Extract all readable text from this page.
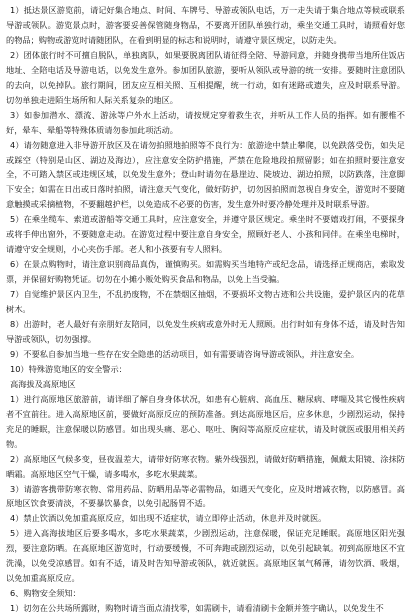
1）抵达景区游览前，请记好集合地点、时间、车牌号、导游或领队电话，万一走失请于集合地点等候或联系导游或领队。游览景点时，游客要妥善保管随身物品，不要离开团队单独行动，乘坐交通工具时，请照看好您的物品；购物或游览时请随团队，在看到明显的标志和说明时，请遵守景区规定，以防走失。

2）团体旅行时不可擅自脱队，单独离队，如果要脱离团队请征得全陪、导游同意，并随身携带当地所住饭店地址、全陪电话及导游电话，以免发生意外。参加团队旅游，要听从领队或导游的统一安排。要随时注意团队的去向，以免掉队。旅行期间，团友应互相关照、互相提醒，统一行动，如有迷路或遗失，应及时联系导游。切勿单独走进陌生场所和人际关系复杂的地区。

3）如参加潜水、漂流、游泳等户外水上活动，请按规定穿着救生衣，并听从工作人员的指挥。如有腰椎不好，晕车、晕船等特殊体质请勿参加此项活动。

4）请勿随意进入非导游开放区及在请勿拍照地拍照等不良行为：旅游途中禁止攀爬，以免跌落受伤，如失足或踩空（特别是山区、湖边及海边），应注意安全防护措施，严禁在危险地段拍照留影；如在拍照时要注意安全，不可踏入禁区或违规区域，以免发生意外；登山时请勿在悬崖边、陡坡边、湖边拍照，以防跌落，注意脚下安全；如需在日出或日落时拍照，请注意天气变化，做好防护，切勿因拍照而忽视自身安全，游览时不要随意触摸或采摘植物，不要翻越护栏，以免造成不必要的伤害，发生意外时要冷静处理并及时联系导游。

5）在乘坐缆车、索道或游船等交通工具时，应注意安全，并遵守景区规定。乘坐时不要嬉戏打闹，不要探身或将手伸出窗外，不要随意走动。在游览过程中要注意自身安全，照顾好老人、小孩和同伴。在乘坐电梯时，请遵守安全规则，小心夹伤手部。老人和小孩要有专人照料。

6）在景点购物时，请注意识别商品真伪，谨慎购买。如需购买当地特产或纪念品，请选择正规商店，索取发票，并保留好购物凭证。切勿在小摊小贩处购买食品和物品，以免上当受骗。

7）自觉维护景区内卫生，不乱扔废物，不在禁烟区抽烟，不要损坏文物古迹和公共设施，爱护景区内的花草树木。

8）出游时，老人最好有亲朋好友陪同，以免发生疾病或意外时无人照顾。出行时如有身体不适，请及时告知导游或领队，切勿强撑。

9）不要私自参加当地一些存在安全隐患的活动项目，如有需要请咨询导游或领队，并注意安全。

10）特殊游览地区的安全警示：

高海拔及高原地区

1）进行高原地区旅游前，请详细了解自身身体状况，如患有心脏病、高血压、糖尿病、哮喘及其它慢性疾病者不宜前往。进入高原地区前，要做好高原反应的预防准备。到达高原地区后，应多休息，少剧烈运动，保持充足的睡眠，注意保暖以防感冒。如出现头痛、恶心、呕吐、胸闷等高原反应症状，请及时就医或服用相关药物。

2）高原地区气候多变，昼夜温差大，请带好防寒衣物。紫外线强烈，请做好防晒措施，佩戴太阳镜、涂抹防晒霜。高原地区空气干燥，请多喝水，多吃水果蔬菜。

3）请游客携带防寒衣物、常用药品、防晒用品等必需物品，如遇天气变化，应及时增减衣物，以防感冒。高原地区饮食要清淡，不要暴饮暴食，以免引起肠胃不适。

4）禁止饮酒以免加重高原反应，如出现不适症状，请立即停止活动，休息并及时就医。

5）进入高海拔地区后要多喝水，多吃水果蔬菜，少剧烈运动，注意保暖，保证充足睡眠。高原地区阳光强烈，要注意防晒。在高原地区游览时，行动要缓慢，不可奔跑或剧烈运动，以免引起缺氧。初到高原地区不宜洗澡，以免受凉感冒。如有不适，请及时告知导游或领队，就近就医。高原地区氧气稀薄，请勿饮酒、吸烟，以免加重高原反应。

6、购物安全须知：

1）切勿在公共场所露财，购物时请当面点清找零，如需刷卡，请看清刷卡金额并签字确认，以免发生不
